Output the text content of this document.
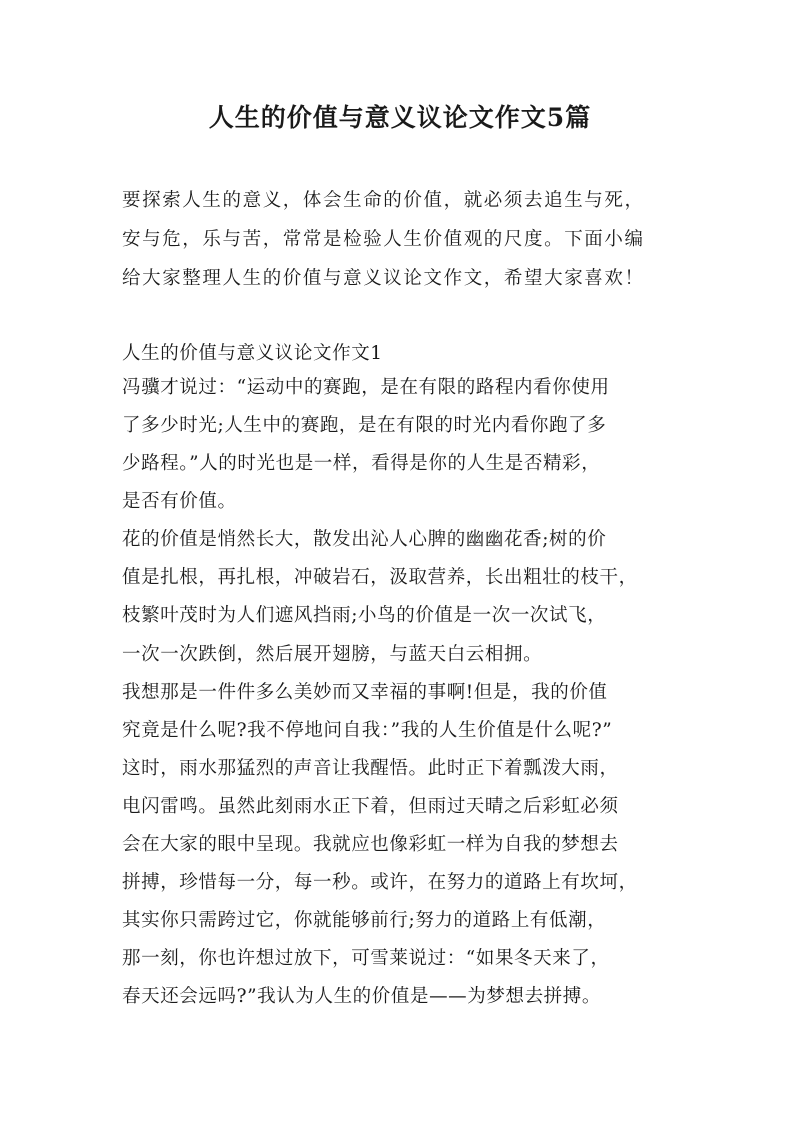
人生的价值与意义议论文作文5篇
要探索人生的意义，体会生命的价值，就必须去追生与死，
安与危，乐与苦，常常是检验人生价值观的尺度。下面小编
给大家整理人生的价值与意义议论文作文，希望大家喜欢！
人生的价值与意义议论文作文1
冯骥才说过：“运动中的赛跑，是在有限的路程内看你使用
了多少时光;人生中的赛跑，是在有限的时光内看你跑了多
少路程。”人的时光也是一样，看得是你的人生是否精彩，
是否有价值。
花的价值是悄然长大，散发出沁人心脾的幽幽花香;树的价
值是扎根，再扎根，冲破岩石，汲取营养，长出粗壮的枝干，
枝繁叶茂时为人们遮风挡雨;小鸟的价值是一次一次试飞，
一次一次跌倒，然后展开翅膀，与蓝天白云相拥。
我想那是一件件多么美妙而又幸福的事啊!但是，我的价值
究竟是什么呢?我不停地问自我：”我的人生价值是什么呢?”
这时，雨水那猛烈的声音让我醒悟。此时正下着瓢泼大雨，
电闪雷鸣。虽然此刻雨水正下着，但雨过天晴之后彩虹必须
会在大家的眼中呈现。我就应也像彩虹一样为自我的梦想去
拼搏，珍惜每一分，每一秒。或许，在努力的道路上有坎坷，
其实你只需跨过它，你就能够前行;努力的道路上有低潮，
那一刻，你也许想过放下，可雪莱说过：“如果冬天来了，
春天还会远吗?”我认为人生的价值是——为梦想去拼搏。
